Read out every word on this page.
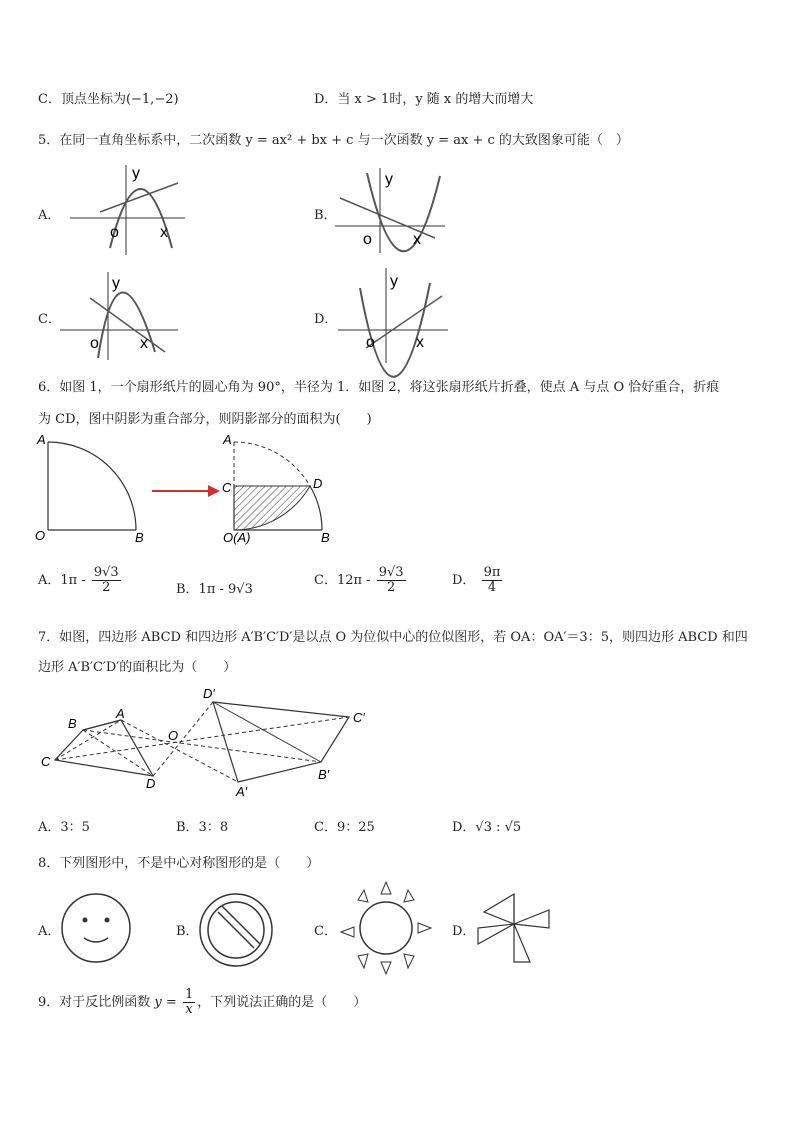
C．顶点坐标为(−1,−2)	D．当 x > 1时，y 随 x 的增大而增大
5．在同一直角坐标系中，二次函数 y = ax² + bx + c 与一次函数 y = ax + c 的大致图象可能（　）
A．
y
o	x
B．
y
o	x
C．
y
o	x
D．
y
o	x
6．如图 1，一个扇形纸片的圆心角为 90°，半径为 1．如图 2，将这张扇形纸片折叠，使点 A 与点 O 恰好重合，折痕
为 CD，图中阴影为重合部分，则阴影部分的面积为(　　)
A
O	B
A
C	D
O(A)	B
A．$1\pi - \frac{9√3}{2}$	B．1π - 9√3
C．$12\pi - \frac{9√3}{2}$	D． $\frac{9\pi}{4}$
7．如图，四边形 ABCD 和四边形 A′B′C′D′是以点 O 为位似中心的位似图形，若 OA：OA′＝3：5，则四边形 ABCD 和四
边形 A′B′C′D′的面积比为（　　）
B
A
C
D
O
D′
C′
B′
A′
A．3：5	B．3：8	C．9：25	D．√3 : √5
8．下列图形中，不是中心对称图形的是（　　）
A．	B．	C．	D．
9．对于反比例函数 $y = \frac{1}{x}$ ，下列说法正确的是（　　）
